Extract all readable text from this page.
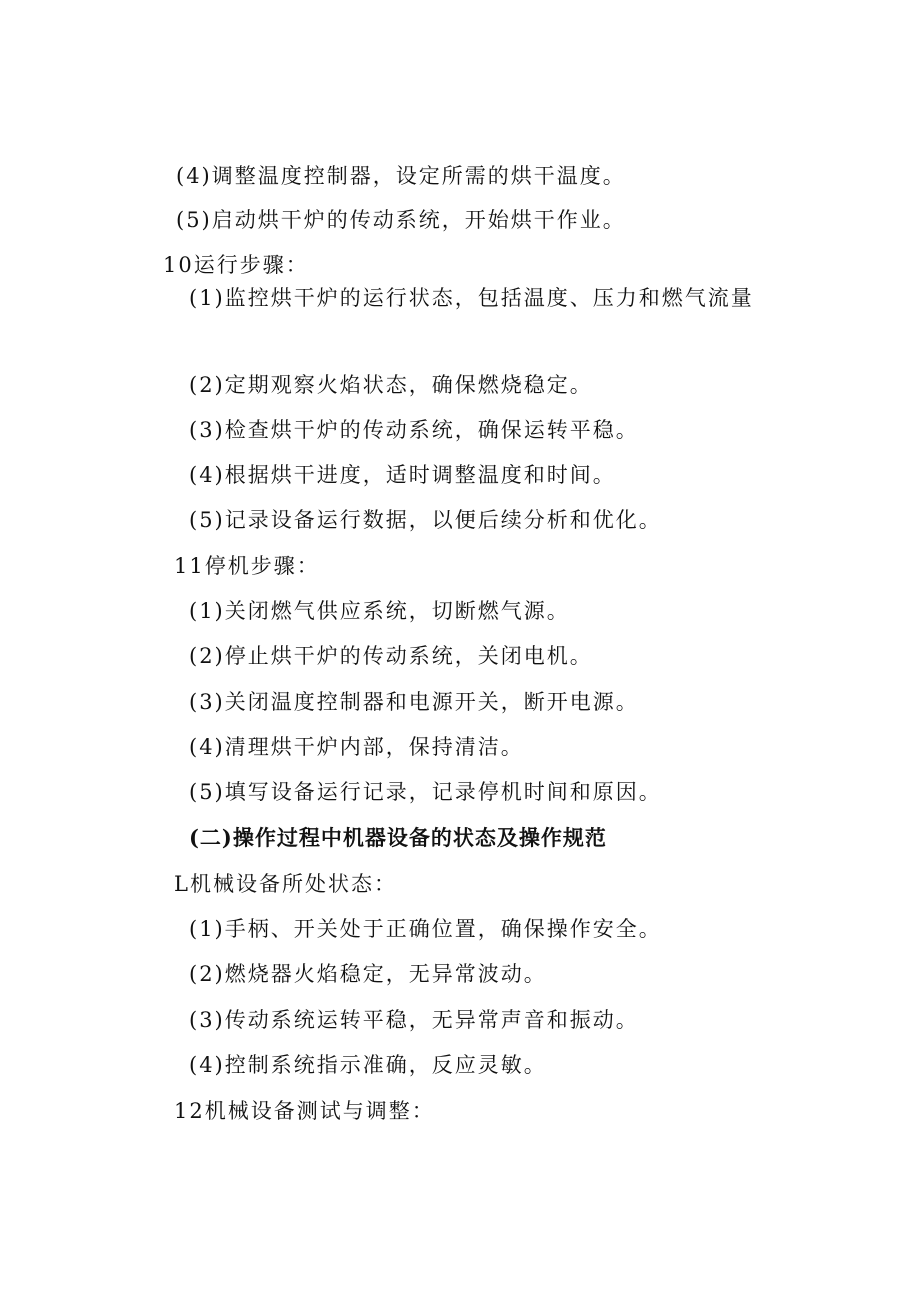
(4)调整温度控制器，设定所需的烘干温度。
(5)启动烘干炉的传动系统，开始烘干作业。
10运行步骤：
(1)监控烘干炉的运行状态，包括温度、压力和燃气流量
(2)定期观察火焰状态，确保燃烧稳定。
(3)检查烘干炉的传动系统，确保运转平稳。
(4)根据烘干进度，适时调整温度和时间。
(5)记录设备运行数据，以便后续分析和优化。
11停机步骤：
(1)关闭燃气供应系统，切断燃气源。
(2)停止烘干炉的传动系统，关闭电机。
(3)关闭温度控制器和电源开关，断开电源。
(4)清理烘干炉内部，保持清洁。
(5)填写设备运行记录，记录停机时间和原因。
(二)操作过程中机器设备的状态及操作规范
L机械设备所处状态：
(1)手柄、开关处于正确位置，确保操作安全。
(2)燃烧器火焰稳定，无异常波动。
(3)传动系统运转平稳，无异常声音和振动。
(4)控制系统指示准确，反应灵敏。
12机械设备测试与调整：
